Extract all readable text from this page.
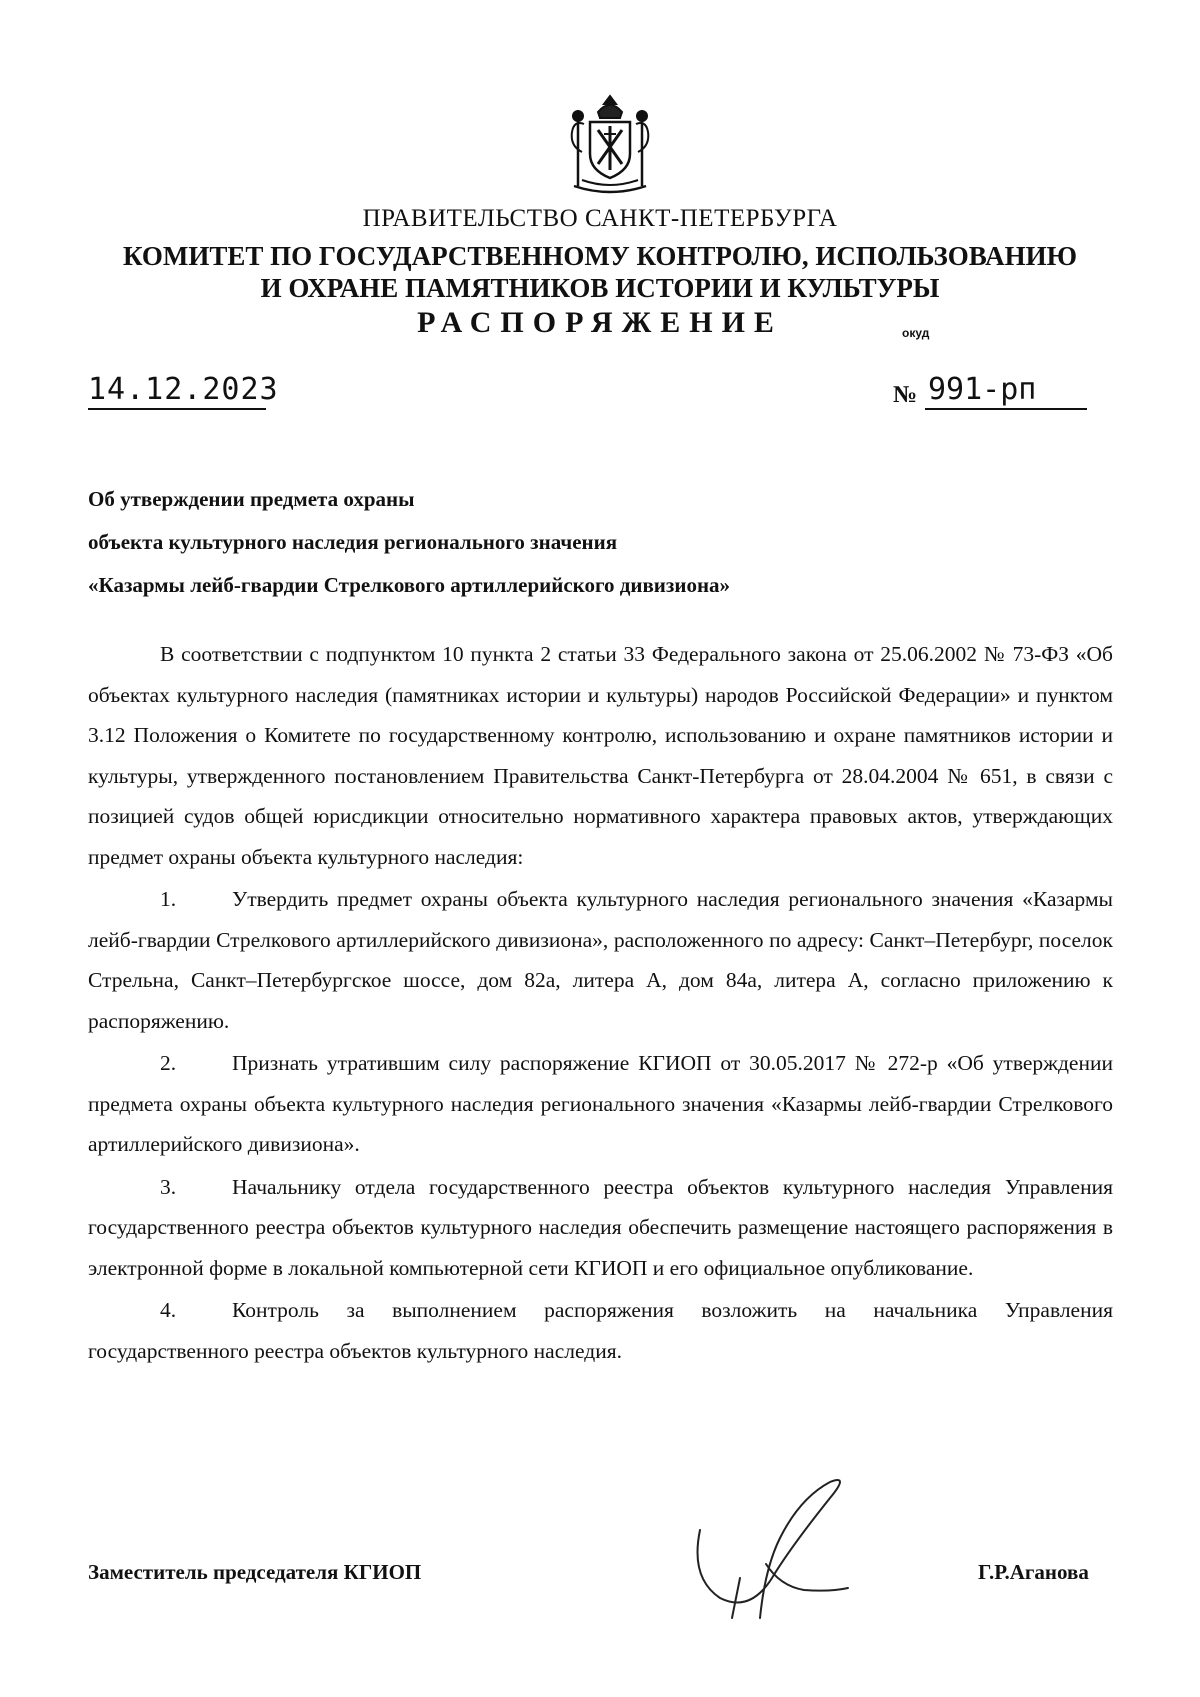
ПРАВИТЕЛЬСТВО САНКТ-ПЕТЕРБУРГА
КОМИТЕТ ПО ГОСУДАРСТВЕННОМУ КОНТРОЛЮ, ИСПОЛЬЗОВАНИЮ
И ОХРАНЕ ПАМЯТНИКОВ ИСТОРИИ И КУЛЬТУРЫ
РАСПОРЯЖЕНИЕ	окуд
14.12.2023	№ 991-рп
Об утверждении предмета охраны
объекта культурного наследия регионального значения
«Казармы лейб-гвардии Стрелкового артиллерийского дивизиона»

В соответствии с подпунктом 10 пункта 2 статьи 33 Федерального закона от 25.06.2002 № 73-ФЗ «Об объектах культурного наследия (памятниках истории и культуры) народов Российской Федерации» и пунктом 3.12 Положения о Комитете по государственному контролю, использованию и охране памятников истории и культуры, утвержденного постановлением Правительства Санкт-Петербурга от 28.04.2004 № 651, в связи с позицией судов общей юрисдикции относительно нормативного характера правовых актов, утверждающих предмет охраны объекта культурного наследия:

1.	Утвердить предмет охраны объекта культурного наследия регионального значения «Казармы лейб-гвардии Стрелкового артиллерийского дивизиона», расположенного по адресу: Санкт–Петербург, поселок Стрельна, Санкт–Петербургское шоссе, дом 82а, литера А, дом 84а, литера А, согласно приложению к распоряжению.

2.	Признать утратившим силу распоряжение КГИОП от 30.05.2017 № 272-р «Об утверждении предмета охраны объекта культурного наследия регионального значения «Казармы лейб-гвардии Стрелкового артиллерийского дивизиона».

3.	Начальнику отдела государственного реестра объектов культурного наследия Управления государственного реестра объектов культурного наследия обеспечить размещение настоящего распоряжения в электронной форме в локальной компьютерной сети КГИОП и его официальное опубликование.

4.	Контроль за выполнением распоряжения возложить на начальника Управления государственного реестра объектов культурного наследия.

Заместитель председателя КГИОП	Г.Р.Аганова
